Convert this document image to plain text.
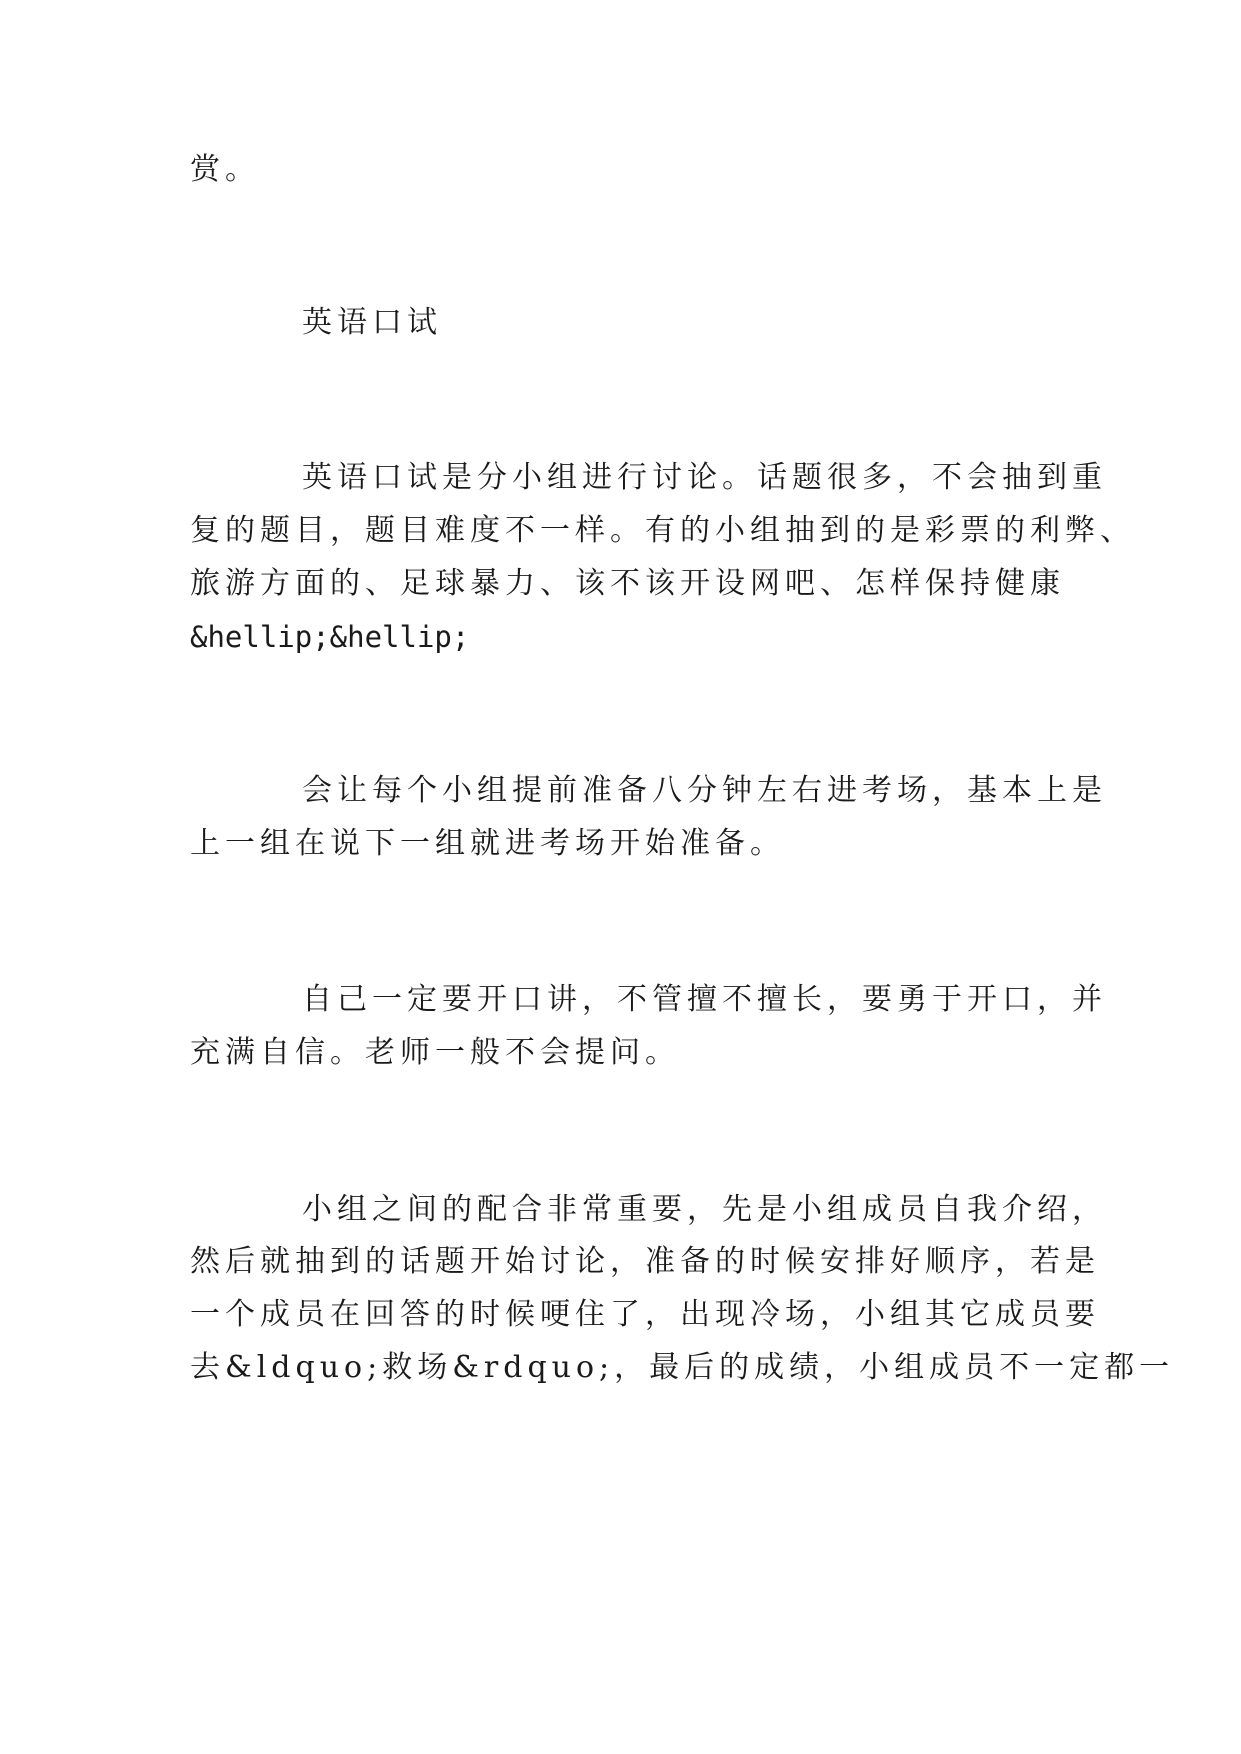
赏。
英语口试
英语口试是分小组进行讨论。话题很多，不会抽到重
复的题目，题目难度不一样。有的小组抽到的是彩票的利弊、
旅游方面的、足球暴力、该不该开设网吧、怎样保持健康
&hellip;&hellip;
会让每个小组提前准备八分钟左右进考场，基本上是
上一组在说下一组就进考场开始准备。
自己一定要开口讲，不管擅不擅长，要勇于开口，并
充满自信。老师一般不会提问。
小组之间的配合非常重要，先是小组成员自我介绍，
然后就抽到的话题开始讨论，准备的时候安排好顺序，若是
一个成员在回答的时候哽住了，出现冷场，小组其它成员要
去&ldquo;救场&rdquo;，最后的成绩，小组成员不一定都一
